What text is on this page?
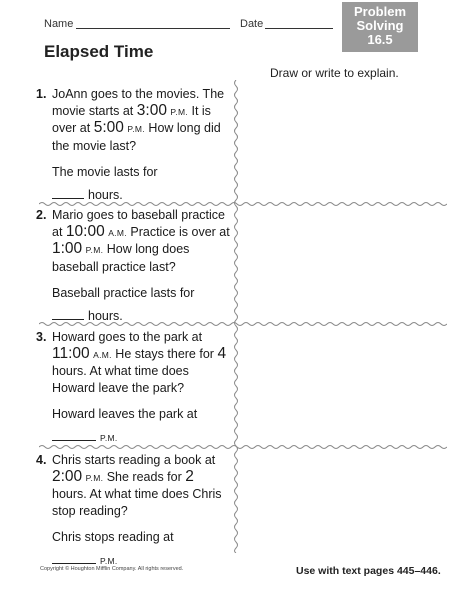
Name	Date
Problem
Solving
16.5
Elapsed Time
Draw or write to explain.
1. JoAnn goes to the movies. The movie starts at 3:00 P.M. It is over at 5:00 P.M. How long did the movie last?
The movie lasts for
hours.
2. Mario goes to baseball practice at 10:00 A.M. Practice is over at 1:00 P.M. How long does baseball practice last?
Baseball practice lasts for
hours.
3. Howard goes to the park at 11:00 A.M. He stays there for 4 hours. At what time does Howard leave the park?
Howard leaves the park at
P.M.
4. Chris starts reading a book at 2:00 P.M. She reads for 2 hours. At what time does Chris stop reading?
Chris stops reading at
P.M.
Copyright © Houghton Mifflin Company. All rights reserved.	Use with text pages 445–446.
